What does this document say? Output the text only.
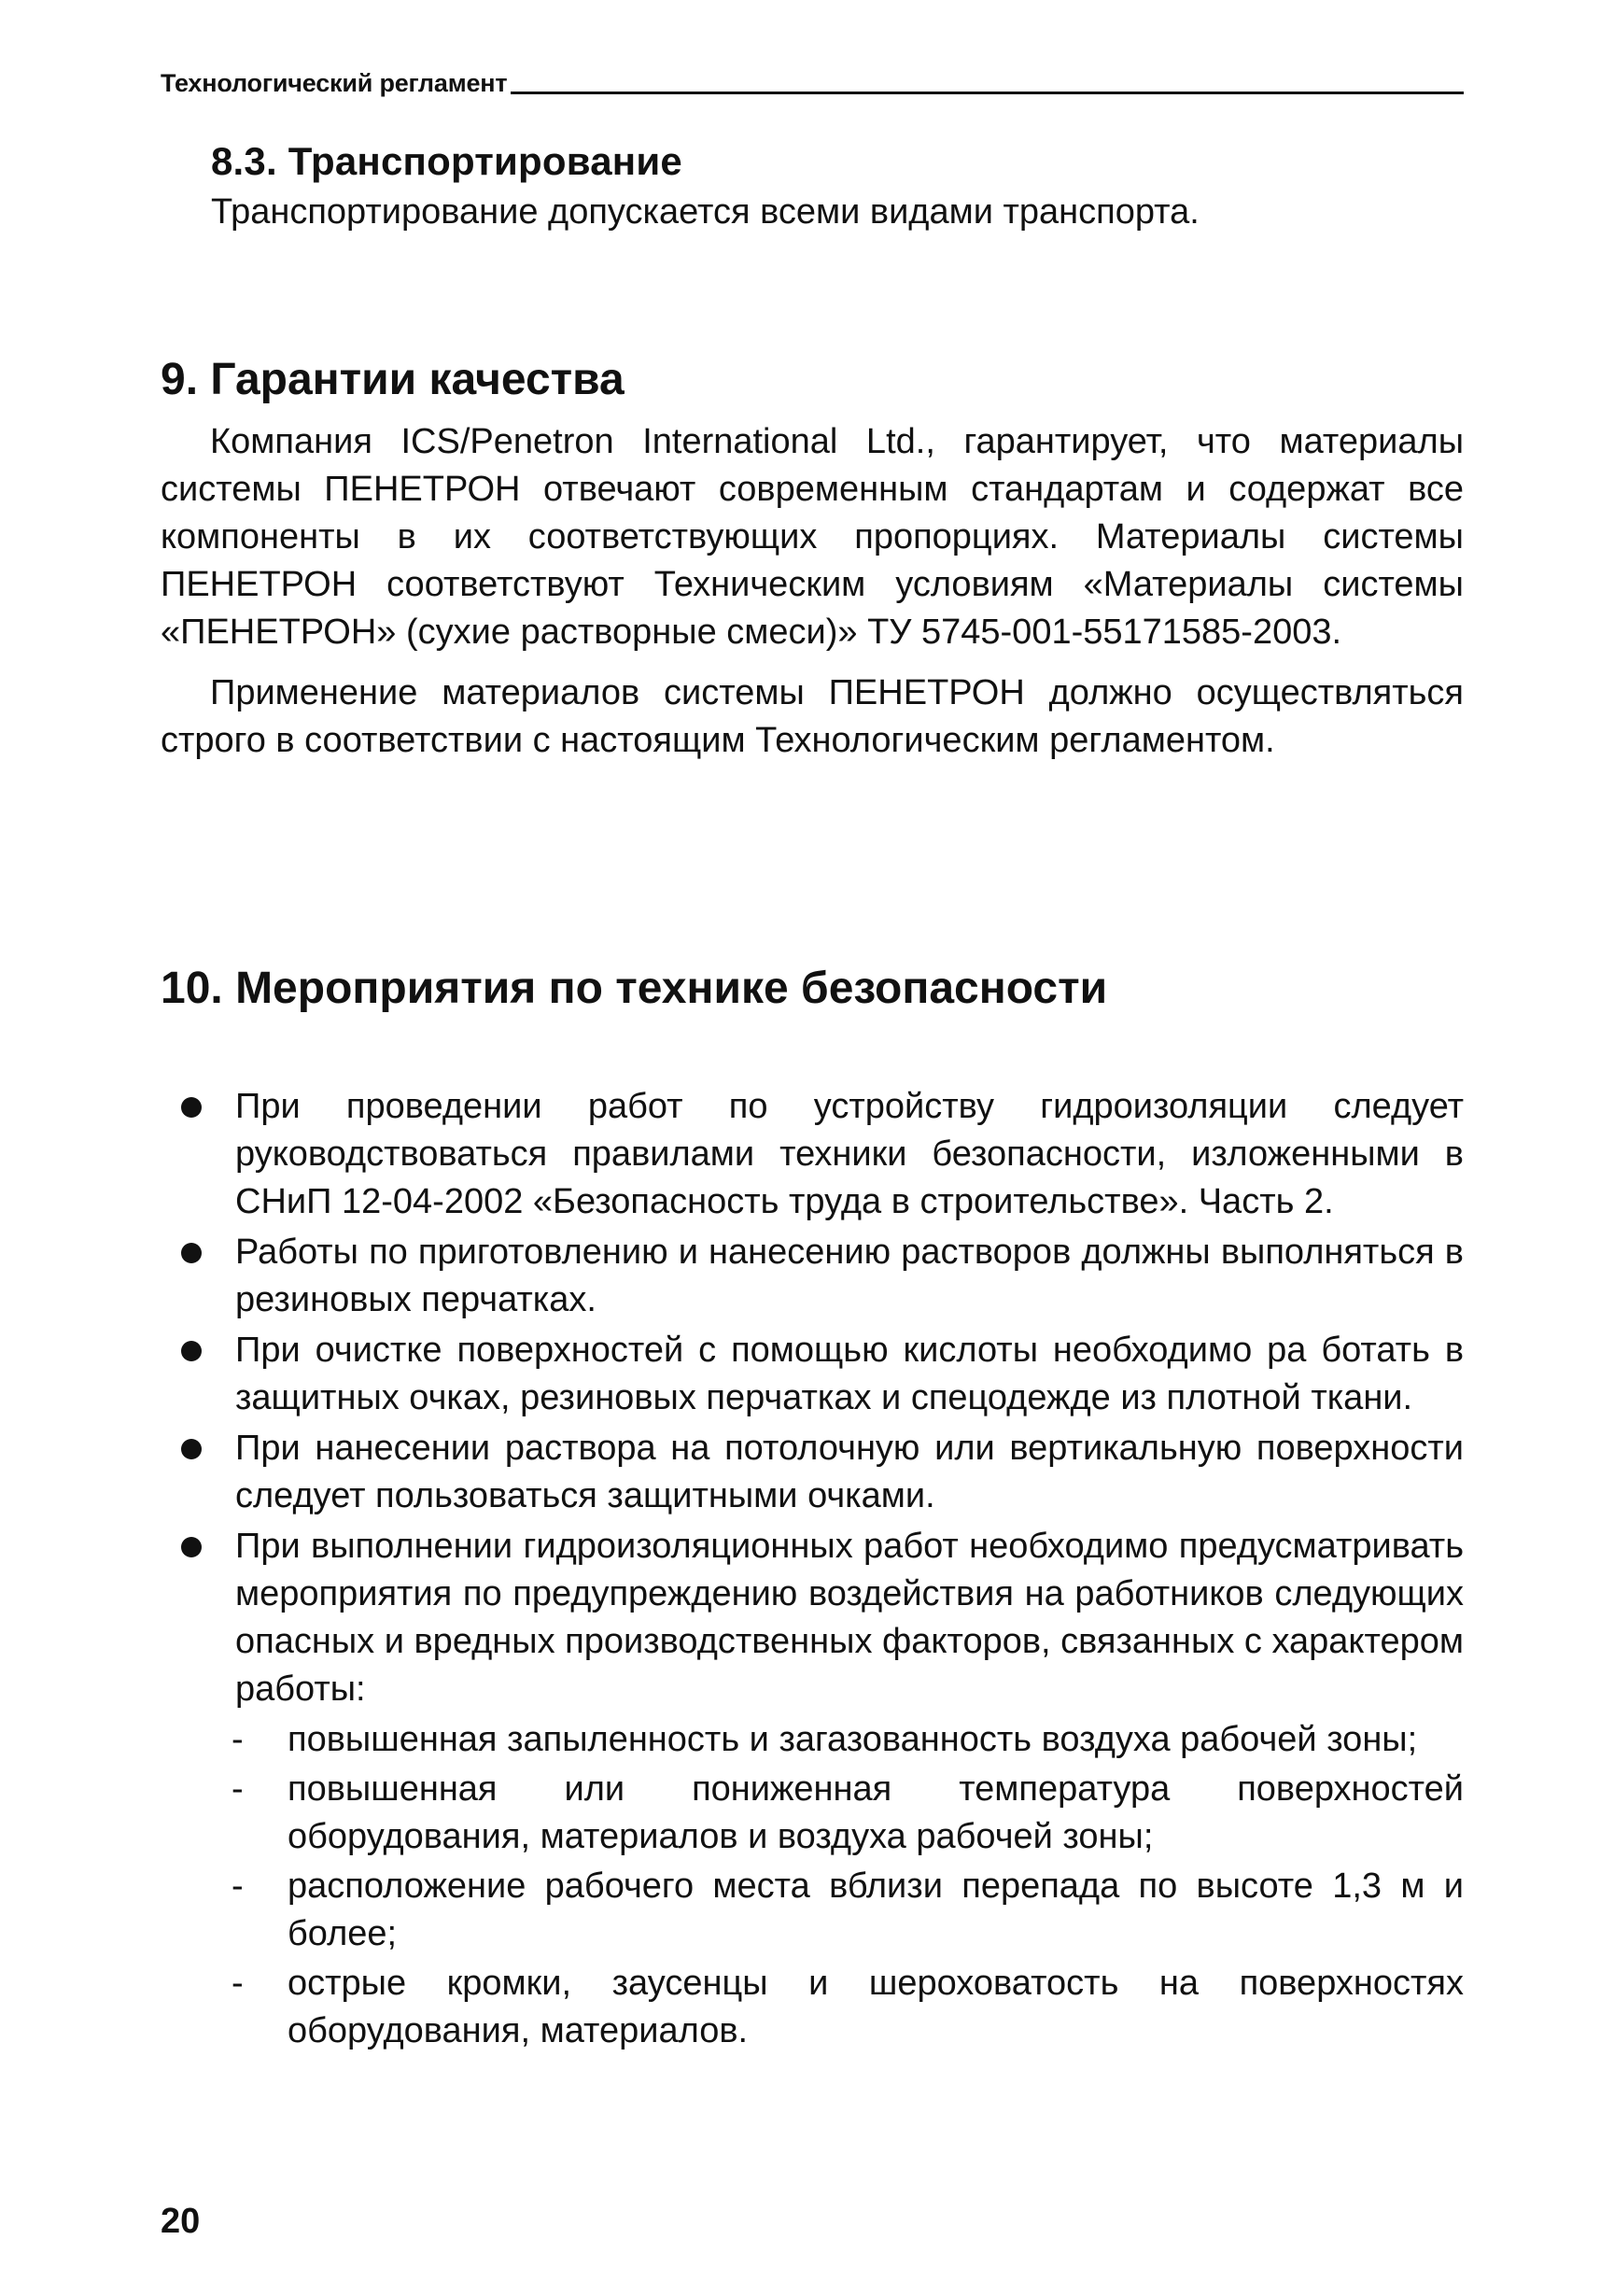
Технологический регламент
8.3. Транспортирование

Транспортирование допускается всеми видами транспорта.

9. Гарантии качества

Компания ICS/Penetron International Ltd., гарантирует, что материалы системы ПЕНЕТРОН отвечают современным стандартам и содержат все компоненты в их соответствующих пропорциях. Материалы системы ПЕНЕТРОН соответствуют Техническим условиям «Материалы системы «ПЕНЕТРОН» (сухие растворные смеси)» ТУ 5745-001-55171585-2003.

Применение материалов системы ПЕНЕТРОН должно осуществляться строго в соответствии с настоящим Технологическим регламентом.

10. Мероприятия по технике безопасности
При проведении работ по устройству гидроизоляции следует руководствоваться правилами техники безопасности, изложенными в СНиП 12-04-2002 «Безопасность труда в строительстве». Часть 2.
Работы по приготовлению и нанесению растворов должны выполняться в резиновых перчатках.
При очистке поверхностей с помощью кислоты необходимо ра ботать в защитных очках, резиновых перчатках и спецодежде из плотной ткани.
При нанесении раствора на потолочную или вертикальную поверхности следует пользоваться защитными очками.
При выполнении гидроизоляционных работ необходимо предусматривать мероприятия по предупреждению воздействия на работников следующих опасных и вредных производственных факторов, связанных с характером работы:
- повышенная запыленность и загазованность воздуха рабочей зоны;
- повышенная или пониженная температура поверхностей оборудования, материалов и воздуха рабочей зоны;
- расположение рабочего места вблизи перепада по высоте 1,3 м и более;
- острые кромки, заусенцы и шероховатость на поверхностях оборудования, материалов.
20
